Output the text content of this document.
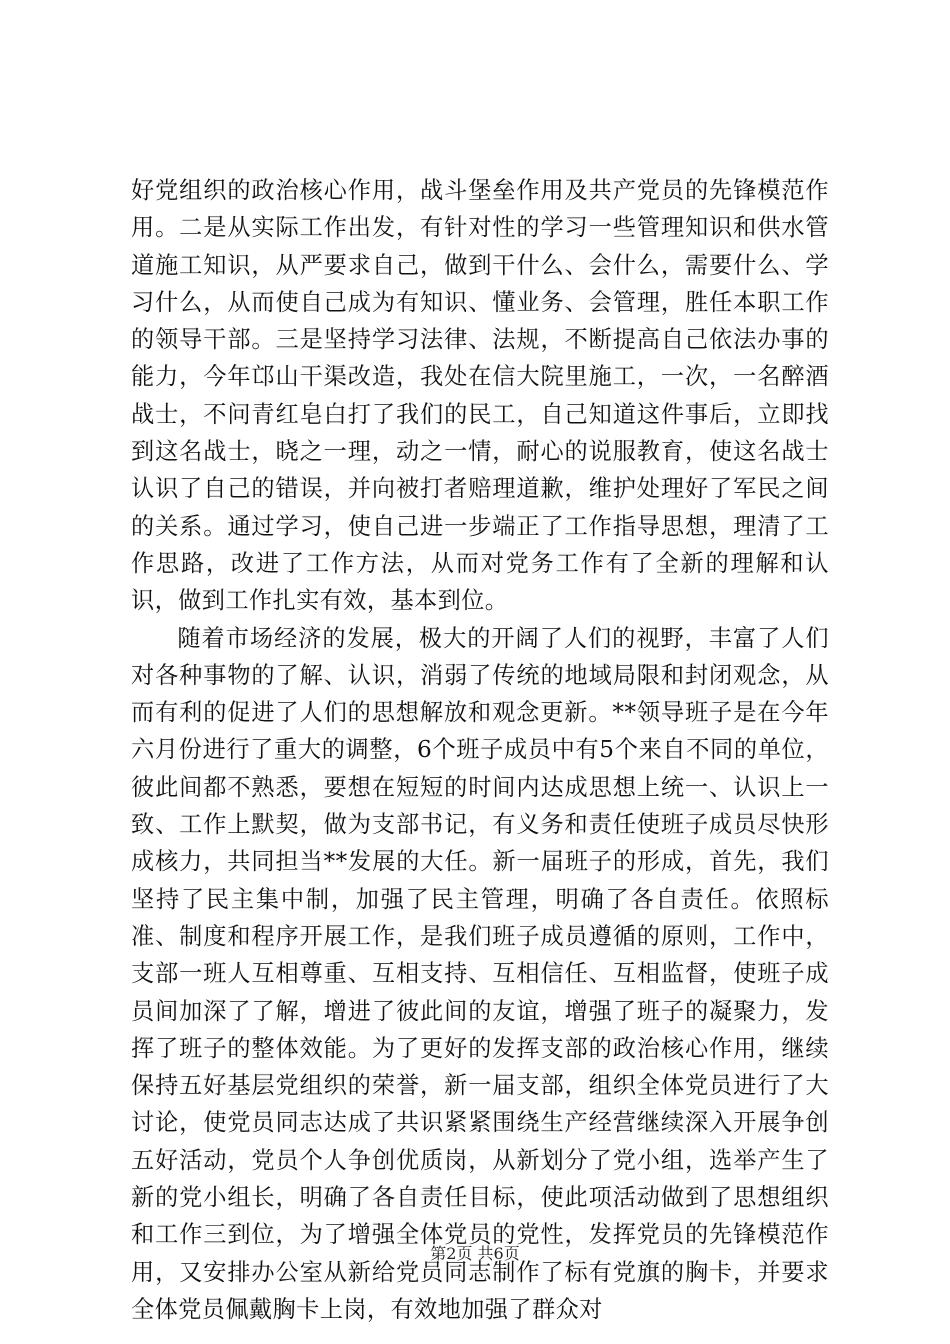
好党组织的政治核心作用，战斗堡垒作用及共产党员的先锋模范作用。二是从实际工作出发，有针对性的学习一些管理知识和供水管道施工知识，从严要求自己，做到干什么、会什么，需要什么、学习什么，从而使自己成为有知识、懂业务、会管理，胜任本职工作的领导干部。三是坚持学习法律、法规，不断提高自己依法办事的能力，今年邙山干渠改造，我处在信大院里施工，一次，一名醉酒战士，不问青红皂白打了我们的民工，自己知道这件事后，立即找到这名战士，晓之一理，动之一情，耐心的说服教育，使这名战士认识了自己的错误，并向被打者赔理道歉，维护处理好了军民之间的关系。通过学习，使自己进一步端正了工作指导思想，理清了工作思路，改进了工作方法，从而对党务工作有了全新的理解和认识，做到工作扎实有效，基本到位。

随着市场经济的发展，极大的开阔了人们的视野，丰富了人们对各种事物的了解、认识，消弱了传统的地域局限和封闭观念，从而有利的促进了人们的思想解放和观念更新。**领导班子是在今年六月份进行了重大的调整，6个班子成员中有5个来自不同的单位，彼此间都不熟悉，要想在短短的时间内达成思想上统一、认识上一致、工作上默契，做为支部书记，有义务和责任使班子成员尽快形成核力，共同担当**发展的大任。新一届班子的形成，首先，我们坚持了民主集中制，加强了民主管理，明确了各自责任。依照标准、制度和程序开展工作，是我们班子成员遵循的原则，工作中，支部一班人互相尊重、互相支持、互相信任、互相监督，使班子成员间加深了了解，增进了彼此间的友谊，增强了班子的凝聚力，发挥了班子的整体效能。为了更好的发挥支部的政治核心作用，继续保持五好基层党组织的荣誉，新一届支部，组织全体党员进行了大讨论，使党员同志达成了共识紧紧围绕生产经营继续深入开展争创五好活动，党员个人争创优质岗，从新划分了党小组，选举产生了新的党小组长，明确了各自责任目标，使此项活动做到了思想组织和工作三到位，为了增强全体党员的党性，发挥党员的先锋模范作用，又安排办公室从新给党员同志制作了标有党旗的胸卡，并要求全体党员佩戴胸卡上岗，有效地加强了群众对

第2页 共6页
